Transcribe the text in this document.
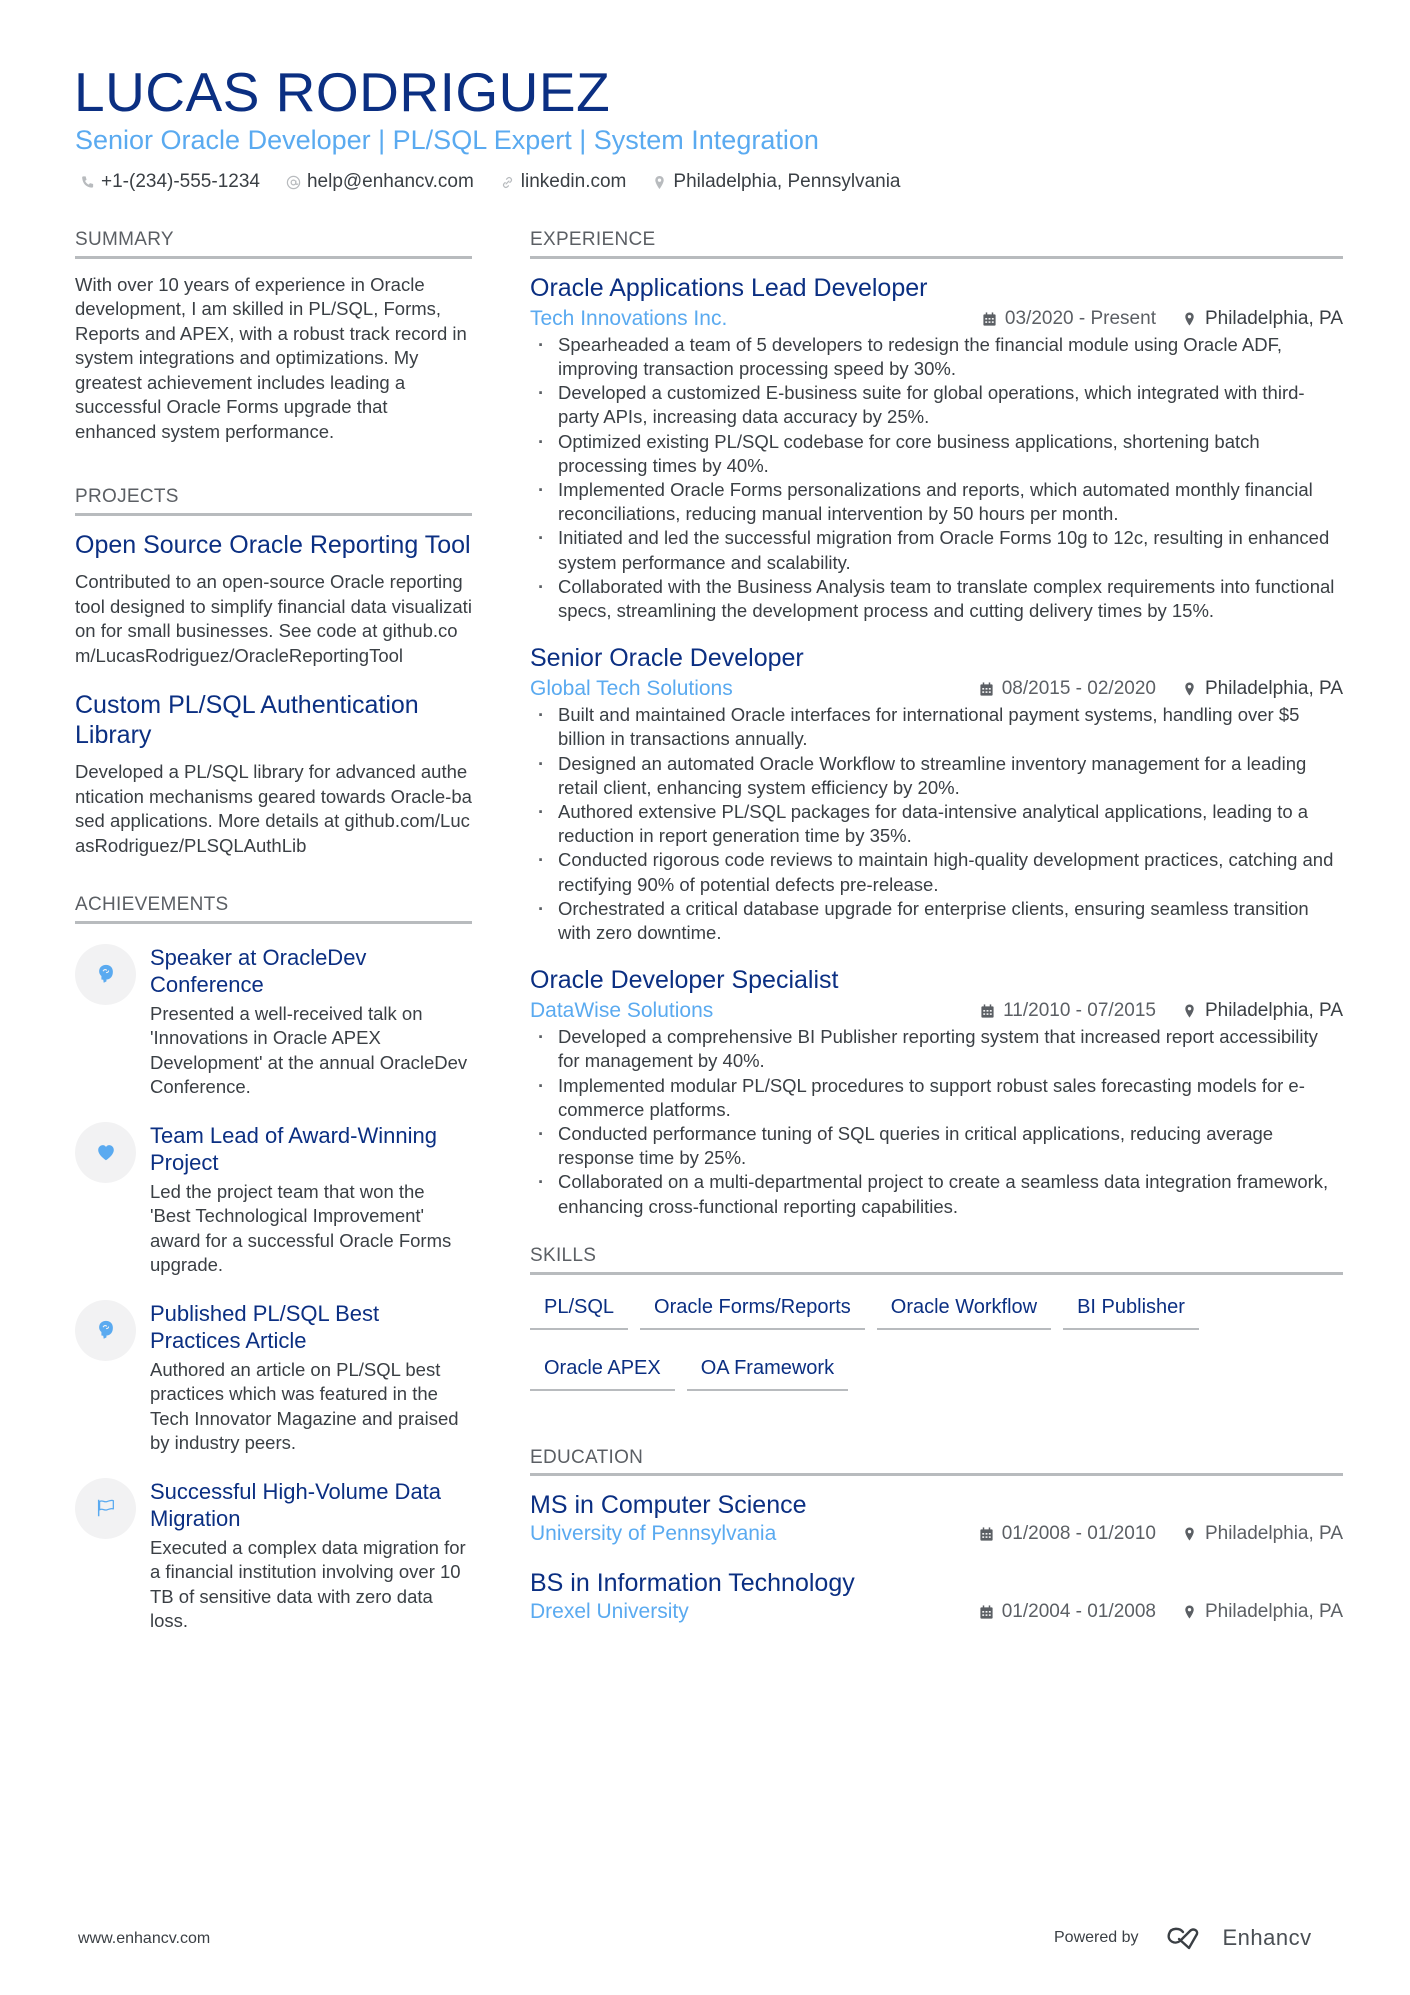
LUCAS RODRIGUEZ
Senior Oracle Developer | PL/SQL Expert | System Integration
+1-(234)-555-1234 help@enhancv.com linkedin.com Philadelphia, Pennsylvania
SUMMARY

With over 10 years of experience in Oracle development, I am skilled in PL/SQL, Forms, Reports and APEX, with a robust track record in system integrations and optimizations. My greatest achievement includes leading a successful Oracle Forms upgrade that enhanced system performance.

PROJECTS
Open Source Oracle Reporting Tool

Contributed to an open-source Oracle reporting tool designed to simplify financial data visualization for small businesses. See code at github.com/LucasRodriguez/OracleReportingTool

Custom PL/SQL Authentication Library

Developed a PL/SQL library for advanced authentication mechanisms geared towards Oracle-based applications. More details at github.com/LucasRodriguez/PLSQLAuthLib

ACHIEVEMENTS
Speaker at OracleDev Conference
Presented a well-received talk on 'Innovations in Oracle APEX Development' at the annual OracleDev Conference.
Team Lead of Award-Winning Project
Led the project team that won the 'Best Technological Improvement' award for a successful Oracle Forms upgrade.
Published PL/SQL Best Practices Article
Authored an article on PL/SQL best practices which was featured in the Tech Innovator Magazine and praised by industry peers.
Successful High-Volume Data Migration
Executed a complex data migration for a financial institution involving over 10 TB of sensitive data with zero data loss.
EXPERIENCE
Oracle Applications Lead Developer
Tech Innovations Inc.	03/2020 - Present	Philadelphia, PA
· Spearheaded a team of 5 developers to redesign the financial module using Oracle ADF, improving transaction processing speed by 30%.
· Developed a customized E-business suite for global operations, which integrated with third-party APIs, increasing data accuracy by 25%.
· Optimized existing PL/SQL codebase for core business applications, shortening batch processing times by 40%.
· Implemented Oracle Forms personalizations and reports, which automated monthly financial reconciliations, reducing manual intervention by 50 hours per month.
· Initiated and led the successful migration from Oracle Forms 10g to 12c, resulting in enhanced system performance and scalability.
· Collaborated with the Business Analysis team to translate complex requirements into functional specs, streamlining the development process and cutting delivery times by 15%.
Senior Oracle Developer
Global Tech Solutions	08/2015 - 02/2020	Philadelphia, PA
· Built and maintained Oracle interfaces for international payment systems, handling over $5 billion in transactions annually.
· Designed an automated Oracle Workflow to streamline inventory management for a leading retail client, enhancing system efficiency by 20%.
· Authored extensive PL/SQL packages for data-intensive analytical applications, leading to a reduction in report generation time by 35%.
· Conducted rigorous code reviews to maintain high-quality development practices, catching and rectifying 90% of potential defects pre-release.
· Orchestrated a critical database upgrade for enterprise clients, ensuring seamless transition with zero downtime.
Oracle Developer Specialist
DataWise Solutions	11/2010 - 07/2015	Philadelphia, PA
· Developed a comprehensive BI Publisher reporting system that increased report accessibility for management by 40%.
· Implemented modular PL/SQL procedures to support robust sales forecasting models for e-commerce platforms.
· Conducted performance tuning of SQL queries in critical applications, reducing average response time by 25%.
· Collaborated on a multi-departmental project to create a seamless data integration framework, enhancing cross-functional reporting capabilities.
SKILLS
PL/SQL	Oracle Forms/Reports	Oracle Workflow	BI Publisher
Oracle APEX	OA Framework
EDUCATION
MS in Computer Science
University of Pennsylvania	01/2008 - 01/2010	Philadelphia, PA
BS in Information Technology
Drexel University	01/2004 - 01/2008	Philadelphia, PA
www.enhancv.com	Powered by	Enhancv
